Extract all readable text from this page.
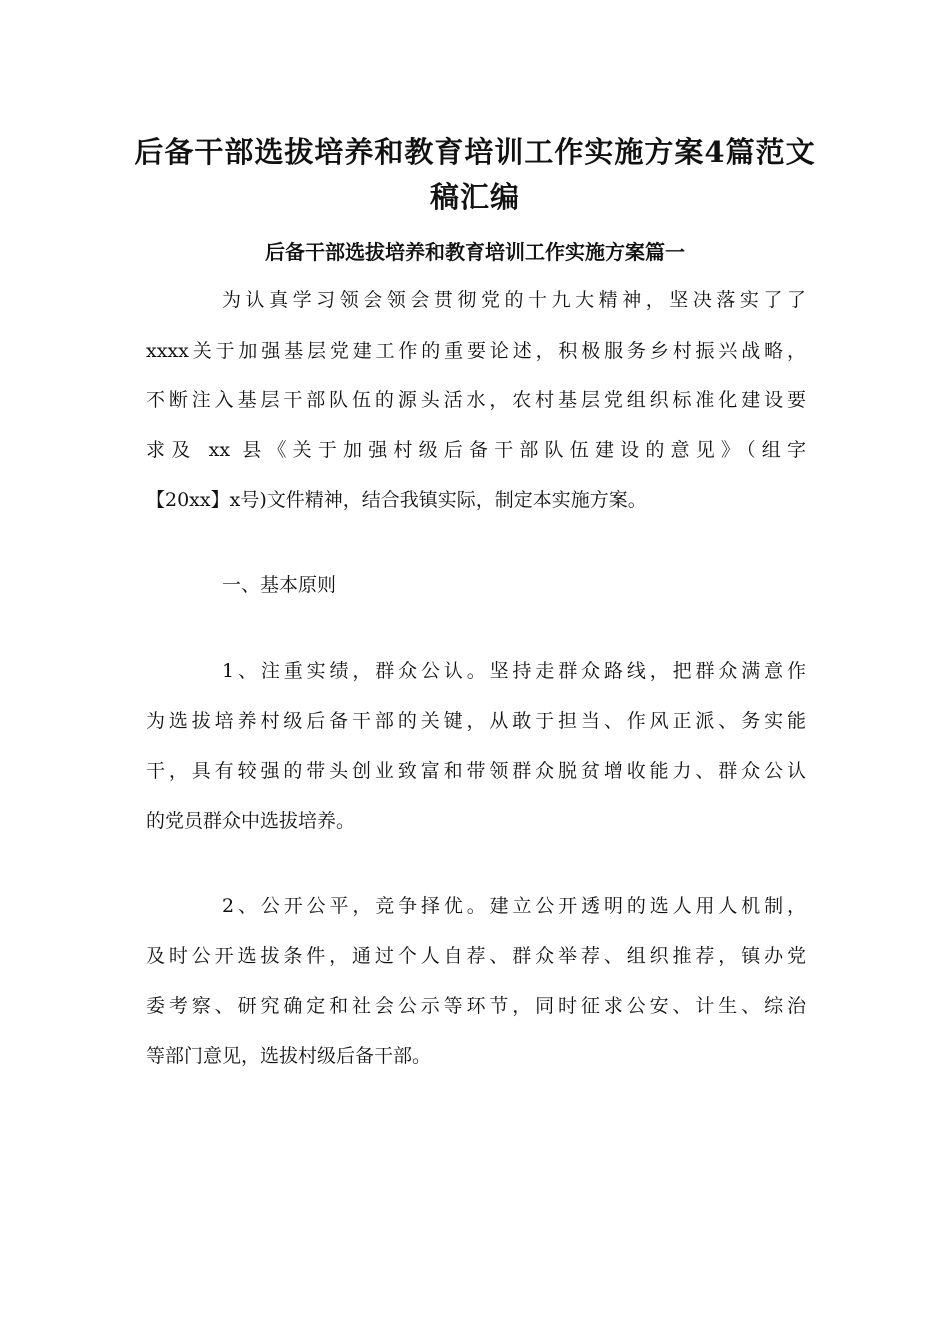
后备干部选拔培养和教育培训工作实施方案4篇范文
稿汇编
后备干部选拔培养和教育培训工作实施方案篇一

为认真学习领会领会贯彻党的十九大精神，坚决落实了了

xxxx关于加强基层党建工作的重要论述，积极服务乡村振兴战略，

不断注入基层干部队伍的源头活水，农村基层党组织标准化建设要

求及 xx 县《关于加强村级后备干部队伍建设的意见》（组字

【20xx】x号)文件精神，结合我镇实际，制定本实施方案。

一、基本原则

1、注重实绩，群众公认。坚持走群众路线，把群众满意作

为选拔培养村级后备干部的关键，从敢于担当、作风正派、务实能

干，具有较强的带头创业致富和带领群众脱贫增收能力、群众公认

的党员群众中选拔培养。

2、公开公平，竞争择优。建立公开透明的选人用人机制，

及时公开选拔条件，通过个人自荐、群众举荐、组织推荐，镇办党

委考察、研究确定和社会公示等环节，同时征求公安、计生、综治

等部门意见，选拔村级后备干部。
